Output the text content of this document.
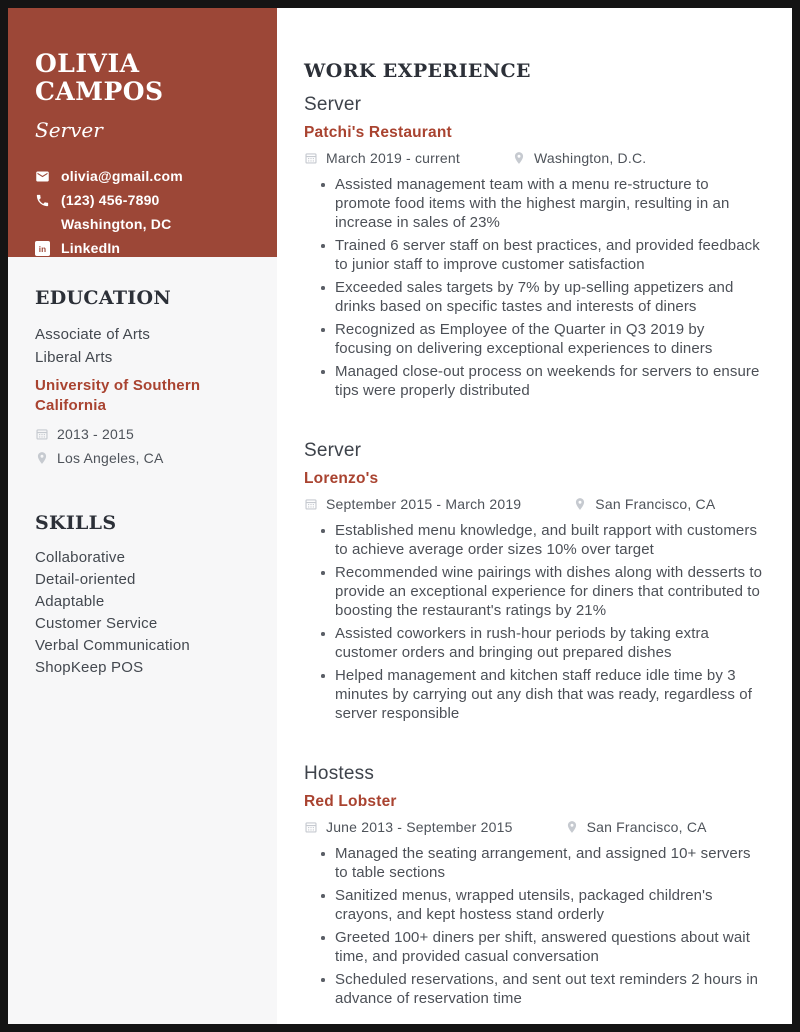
OLIVIA CAMPOS
Server
olivia@gmail.com
(123) 456-7890
Washington, DC
in LinkedIn
EDUCATION
Associate of Arts
Liberal Arts
University of Southern California
2013 - 2015
Los Angeles, CA
SKILLS
Collaborative
Detail-oriented
Adaptable
Customer Service
Verbal Communication
ShopKeep POS
WORK EXPERIENCE
Server
Patchi's Restaurant
March 2019 - current	Washington, D.C.
Assisted management team with a menu re-structure to promote food items with the highest margin, resulting in an increase in sales of 23%
Trained 6 server staff on best practices, and provided feedback to junior staff to improve customer satisfaction
Exceeded sales targets by 7% by up-selling appetizers and drinks based on specific tastes and interests of diners
Recognized as Employee of the Quarter in Q3 2019 by focusing on delivering exceptional experiences to diners
Managed close-out process on weekends for servers to ensure tips were properly distributed
Server
Lorenzo's
September 2015 - March 2019	San Francisco, CA
Established menu knowledge, and built rapport with customers to achieve average order sizes 10% over target
Recommended wine pairings with dishes along with desserts to provide an exceptional experience for diners that contributed to boosting the restaurant's ratings by 21%
Assisted coworkers in rush-hour periods by taking extra customer orders and bringing out prepared dishes
Helped management and kitchen staff reduce idle time by 3 minutes by carrying out any dish that was ready, regardless of server responsible
Hostess
Red Lobster
June 2013 - September 2015	San Francisco, CA
Managed the seating arrangement, and assigned 10+ servers to table sections
Sanitized menus, wrapped utensils, packaged children's crayons, and kept hostess stand orderly
Greeted 100+ diners per shift, answered questions about wait time, and provided casual conversation
Scheduled reservations, and sent out text reminders 2 hours in advance of reservation time
